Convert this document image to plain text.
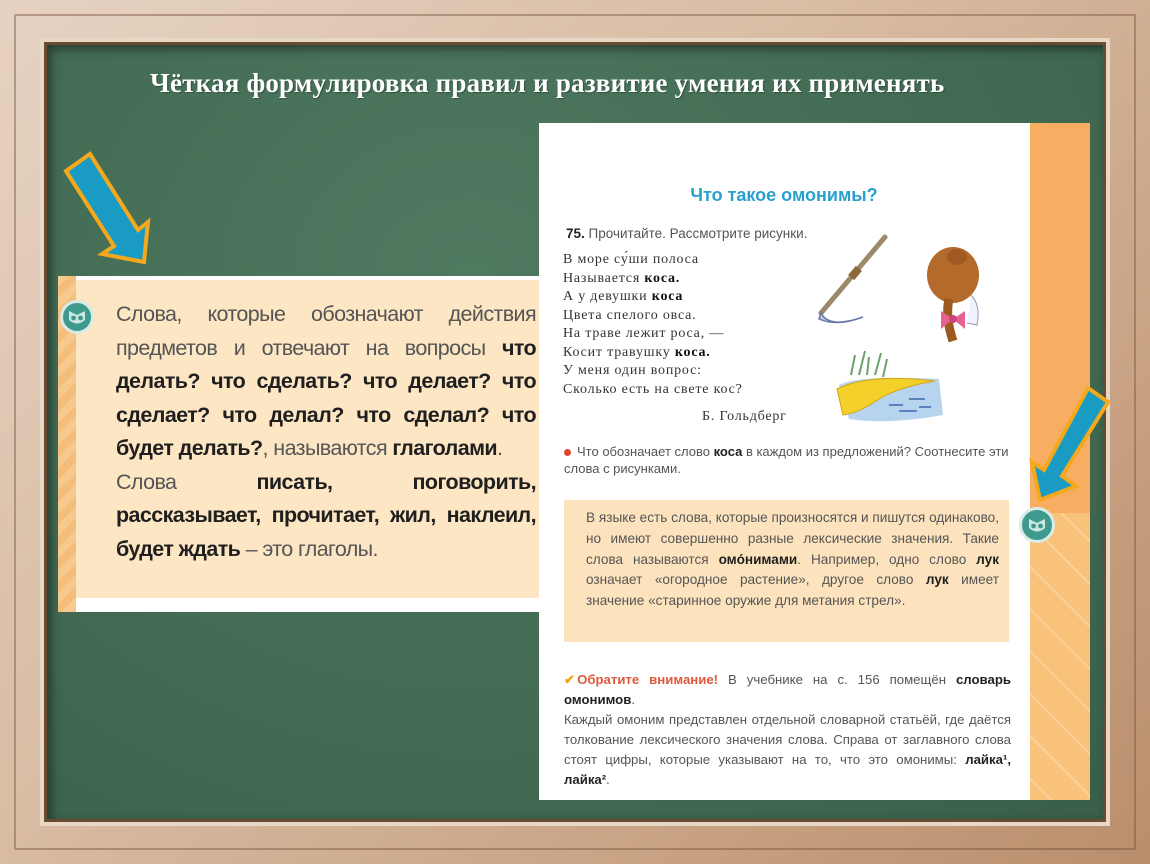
Чёткая формулировка правил и развитие умения их применять
Слова, которые обозначают действия предметов и отвечают на вопросы что делать? что сделать? что делает? что сделает? что делал? что сделал? что будет делать?, называются глаголами.
Слова писать, поговорить, рассказывает, прочитает, жил, наклеил, будет ждать – это глаголы.
Что такое омонимы?
75. Прочитайте. Рассмотрите рисунки.
В море су́ши полоса
Называется коса.
А у девушки коса
Цвета спелого овса.
На траве лежит роса, —
Косит травушку коса.
У меня один вопрос:
Сколько есть на свете кос?
Б. Гольдберг
Что обозначает слово коса в каждом из предложений? Соотнесите эти слова с рисунками.
В языке есть слова, которые произносятся и пишутся одинаково, но имеют совершенно разные лексические значения. Такие слова называются омо́нимами. Например, одно слово лук означает «огородное растение», другое слово лук имеет значение «старинное оружие для метания стрел».
✔ Обратите внимание! В учебнике на с. 156 помещён словарь омонимов.
Каждый омоним представлен отдельной словарной статьёй, где даётся толкование лексического значения слова. Справа от заглавного слова стоят цифры, которые указывают на то, что это омонимы: лайка¹, лайка².
